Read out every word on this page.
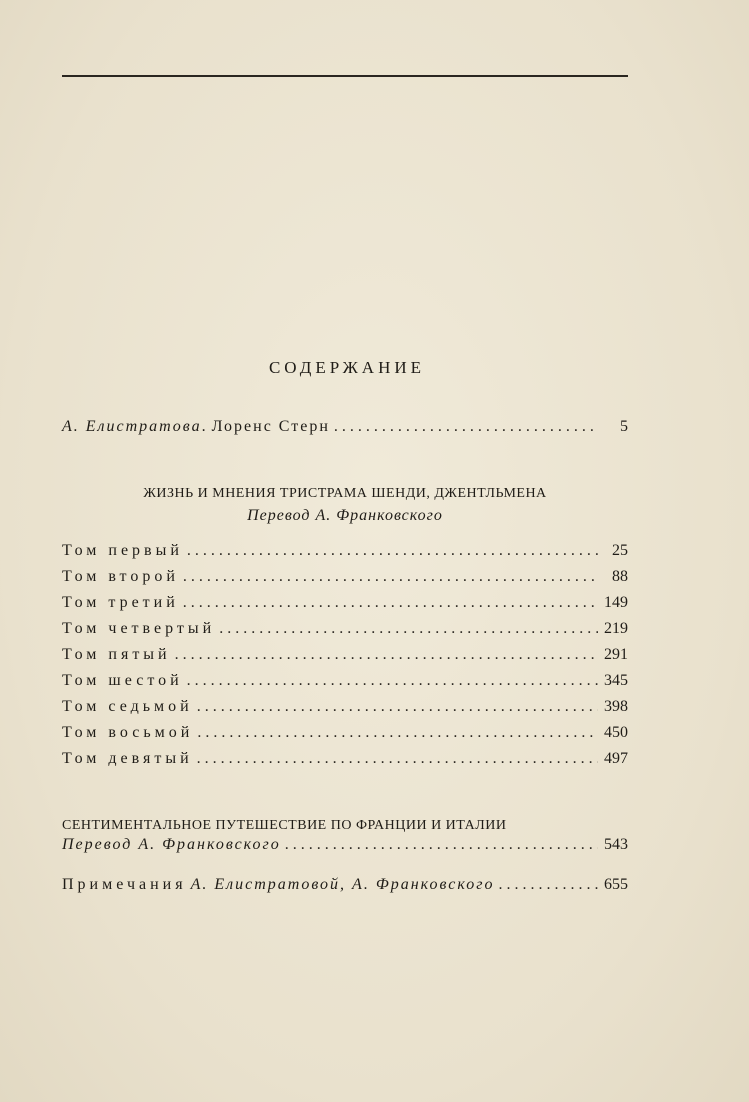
СОДЕРЖАНИЕ
А. Елистратова. Лоренс Стерн . . .	5
ЖИЗНЬ И МНЕНИЯ ТРИСТРАМА ШЕНДИ, ДЖЕНТЛЬМЕНА
Перевод А. Франковского
Том первый . . .	25
Том второй . . .	88
Том третий . . .	149
Том четвертый . . .	219
Том пятый . . .	291
Том шестой . . .	345
Том седьмой . . .	398
Том восьмой . . .	450
Том девятый . . .	497
СЕНТИМЕНТАЛЬНОЕ ПУТЕШЕСТВИЕ ПО ФРАНЦИИ И ИТАЛИИ
Перевод А. Франковского . . .	543
Примечания А. Елистратовой, А. Франковского . . .	655
